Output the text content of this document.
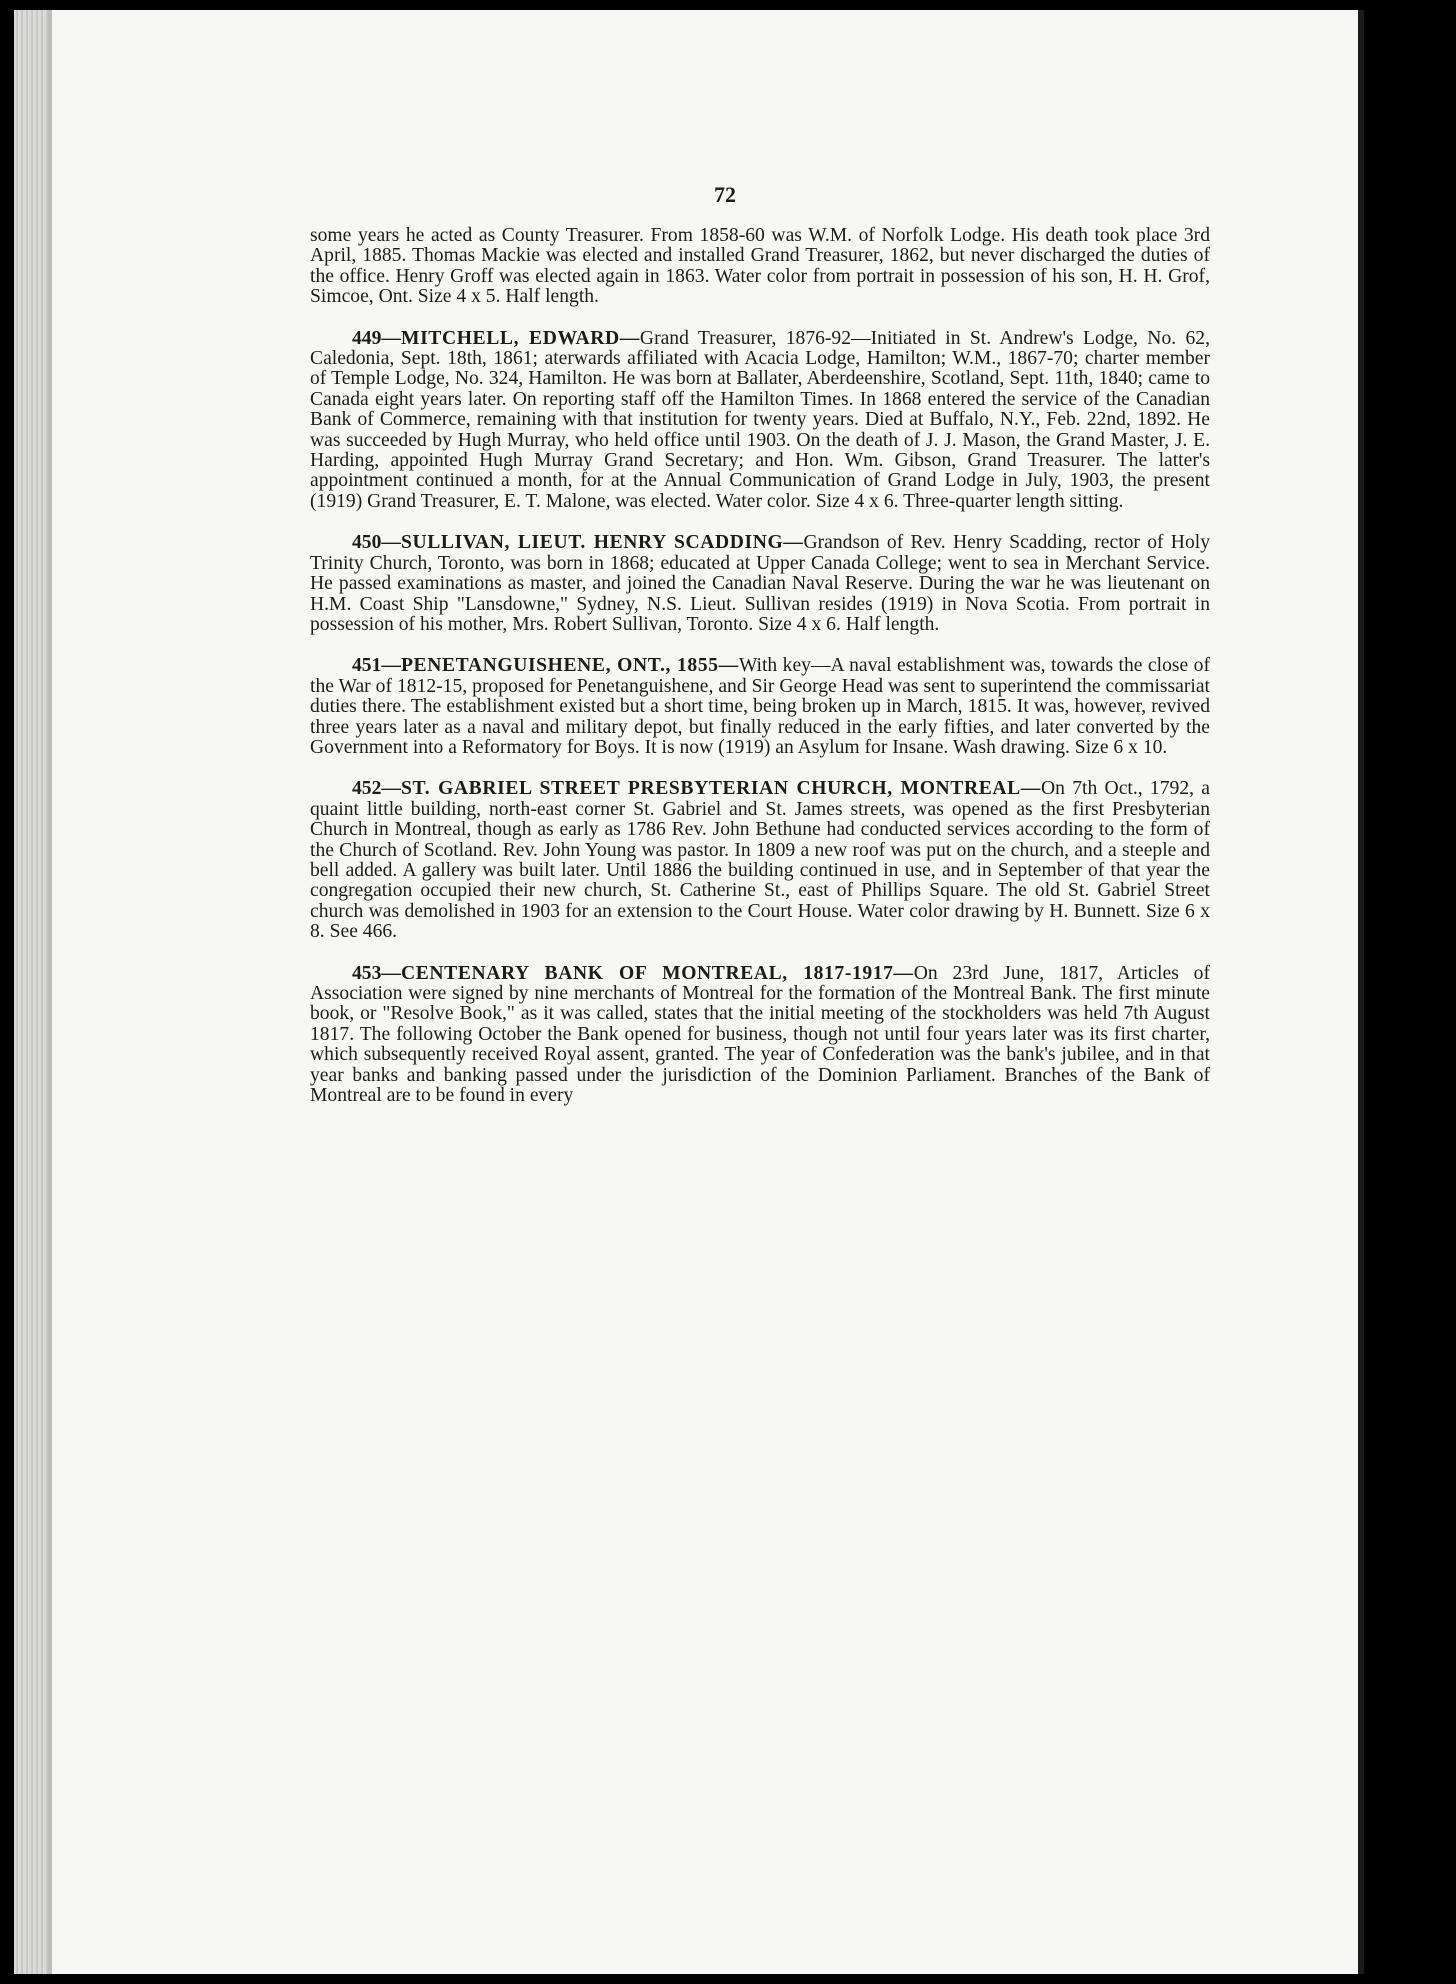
72

some years he acted as County Treasurer. From 1858-60 was W.M. of Norfolk Lodge. His death took place 3rd April, 1885. Thomas Mackie was elected and installed Grand Treasurer, 1862, but never discharged the duties of the office. Henry Groff was elected again in 1863. Water color from portrait in possession of his son, H. H. Grof, Simcoe, Ont. Size 4 x 5. Half length.

449—MITCHELL, EDWARD—Grand Treasurer, 1876-92—Initiated in St. Andrew's Lodge, No. 62, Caledonia, Sept. 18th, 1861; aterwards affiliated with Acacia Lodge, Hamilton; W.M., 1867-70; charter member of Temple Lodge, No. 324, Hamilton. He was born at Ballater, Aberdeenshire, Scotland, Sept. 11th, 1840; came to Canada eight years later. On reporting staff off the Hamilton Times. In 1868 entered the service of the Canadian Bank of Commerce, remaining with that institution for twenty years. Died at Buffalo, N.Y., Feb. 22nd, 1892. He was succeeded by Hugh Murray, who held office until 1903. On the death of J. J. Mason, the Grand Master, J. E. Harding, appointed Hugh Murray Grand Secretary; and Hon. Wm. Gibson, Grand Treasurer. The latter's appointment continued a month, for at the Annual Communication of Grand Lodge in July, 1903, the present (1919) Grand Treasurer, E. T. Malone, was elected. Water color. Size 4 x 6. Three-quarter length sitting.

450—SULLIVAN, LIEUT. HENRY SCADDING—Grandson of Rev. Henry Scadding, rector of Holy Trinity Church, Toronto, was born in 1868; educated at Upper Canada College; went to sea in Merchant Service. He passed examinations as master, and joined the Canadian Naval Reserve. During the war he was lieutenant on H.M. Coast Ship "Lansdowne," Sydney, N.S. Lieut. Sullivan resides (1919) in Nova Scotia. From portrait in possession of his mother, Mrs. Robert Sullivan, Toronto. Size 4 x 6. Half length.

451—PENETANGUISHENE, ONT., 1855—With key—A naval establishment was, towards the close of the War of 1812-15, proposed for Penetanguishene, and Sir George Head was sent to superintend the commissariat duties there. The establishment existed but a short time, being broken up in March, 1815. It was, however, revived three years later as a naval and military depot, but finally reduced in the early fifties, and later converted by the Government into a Reformatory for Boys. It is now (1919) an Asylum for Insane. Wash drawing. Size 6 x 10.

452—ST. GABRIEL STREET PRESBYTERIAN CHURCH, MONTREAL—On 7th Oct., 1792, a quaint little building, north-east corner St. Gabriel and St. James streets, was opened as the first Presbyterian Church in Montreal, though as early as 1786 Rev. John Bethune had conducted services according to the form of the Church of Scotland. Rev. John Young was pastor. In 1809 a new roof was put on the church, and a steeple and bell added. A gallery was built later. Until 1886 the building continued in use, and in September of that year the congregation occupied their new church, St. Catherine St., east of Phillips Square. The old St. Gabriel Street church was demolished in 1903 for an extension to the Court House. Water color drawing by H. Bunnett. Size 6 x 8. See 466.

453—CENTENARY BANK OF MONTREAL, 1817-1917—On 23rd June, 1817, Articles of Association were signed by nine merchants of Montreal for the formation of the Montreal Bank. The first minute book, or "Resolve Book," as it was called, states that the initial meeting of the stockholders was held 7th August 1817. The following October the Bank opened for business, though not until four years later was its first charter, which subsequently received Royal assent, granted. The year of Confederation was the bank's jubilee, and in that year banks and banking passed under the jurisdiction of the Dominion Parliament. Branches of the Bank of Montreal are to be found in every
